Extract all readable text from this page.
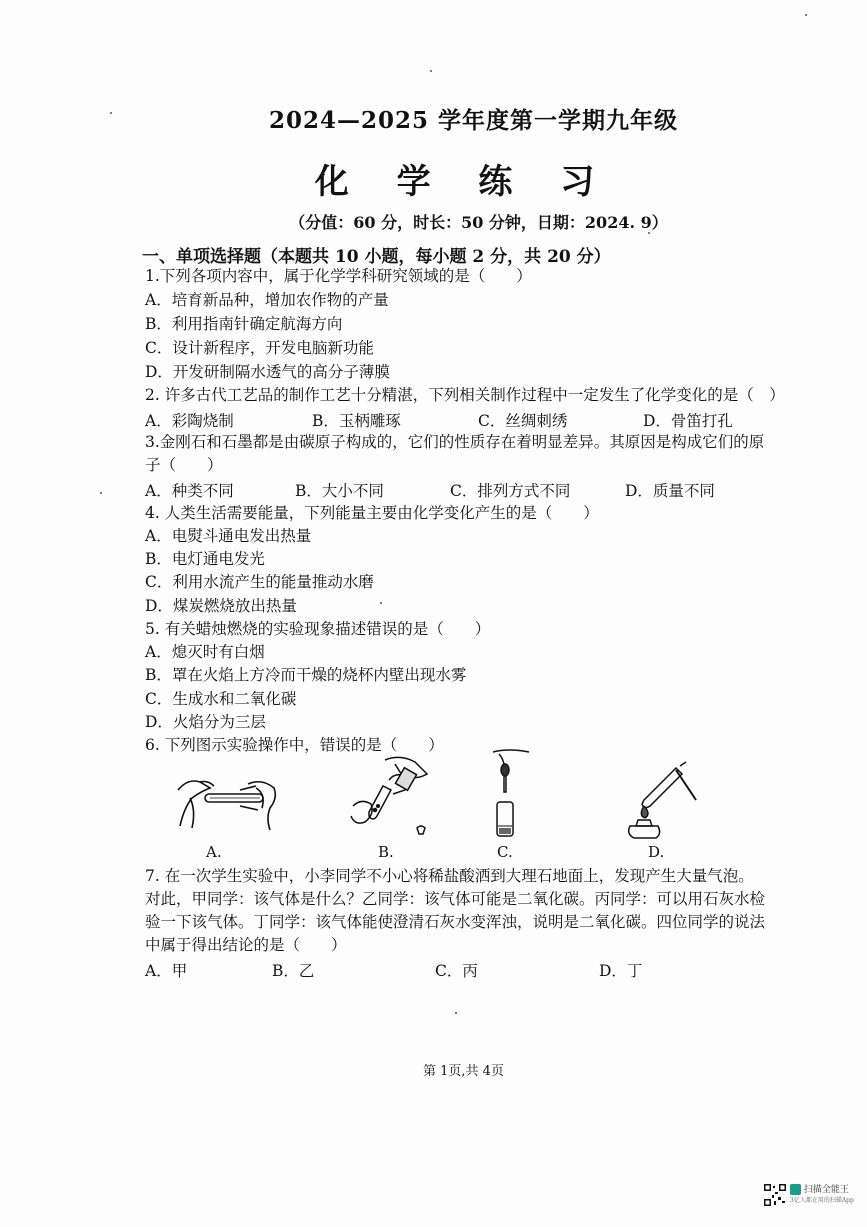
2024—2025 学年度第一学期九年级
化 学 练 习
（分值：60 分，时长：50 分钟，日期：2024. 9）
一、单项选择题（本题共 10 小题，每小题 2 分，共 20 分）
1.下列各项内容中，属于化学学科研究领域的是（　　）
A．培育新品种，增加农作物的产量
B．利用指南针确定航海方向
C．设计新程序，开发电脑新功能
D．开发研制隔水透气的高分子薄膜
2. 许多古代工艺品的制作工艺十分精湛，下列相关制作过程中一定发生了化学变化的是（　）
A．彩陶烧制	B．玉柄雕琢	C．丝绸刺绣	D．骨笛打孔
3.金刚石和石墨都是由碳原子构成的，它们的性质存在着明显差异。其原因是构成它们的原
子（　　）
A．种类不同	B．大小不同	C．排列方式不同	D．质量不同
4. 人类生活需要能量，下列能量主要由化学变化产生的是（　　）
A．电熨斗通电发出热量
B．电灯通电发光
C．利用水流产生的能量推动水磨
D．煤炭燃烧放出热量
5. 有关蜡烛燃烧的实验现象描述错误的是（　　）
A．熄灭时有白烟
B．罩在火焰上方冷而干燥的烧杯内壁出现水雾
C．生成水和二氧化碳
D．火焰分为三层
6. 下列图示实验操作中，错误的是（　　）
A.	B.	C.	D.
7. 在一次学生实验中，小李同学不小心将稀盐酸洒到大理石地面上，发现产生大量气泡。
对此，甲同学：该气体是什么？乙同学：该气体可能是二氧化碳。丙同学：可以用石灰水检
验一下该气体。丁同学：该气体能使澄清石灰水变浑浊，说明是二氧化碳。四位同学的说法
中属于得出结论的是（　　）
A．甲	B．乙	C．丙	D．丁
第 1页,共 4页
扫描全能王
3亿人都在用的扫描App
